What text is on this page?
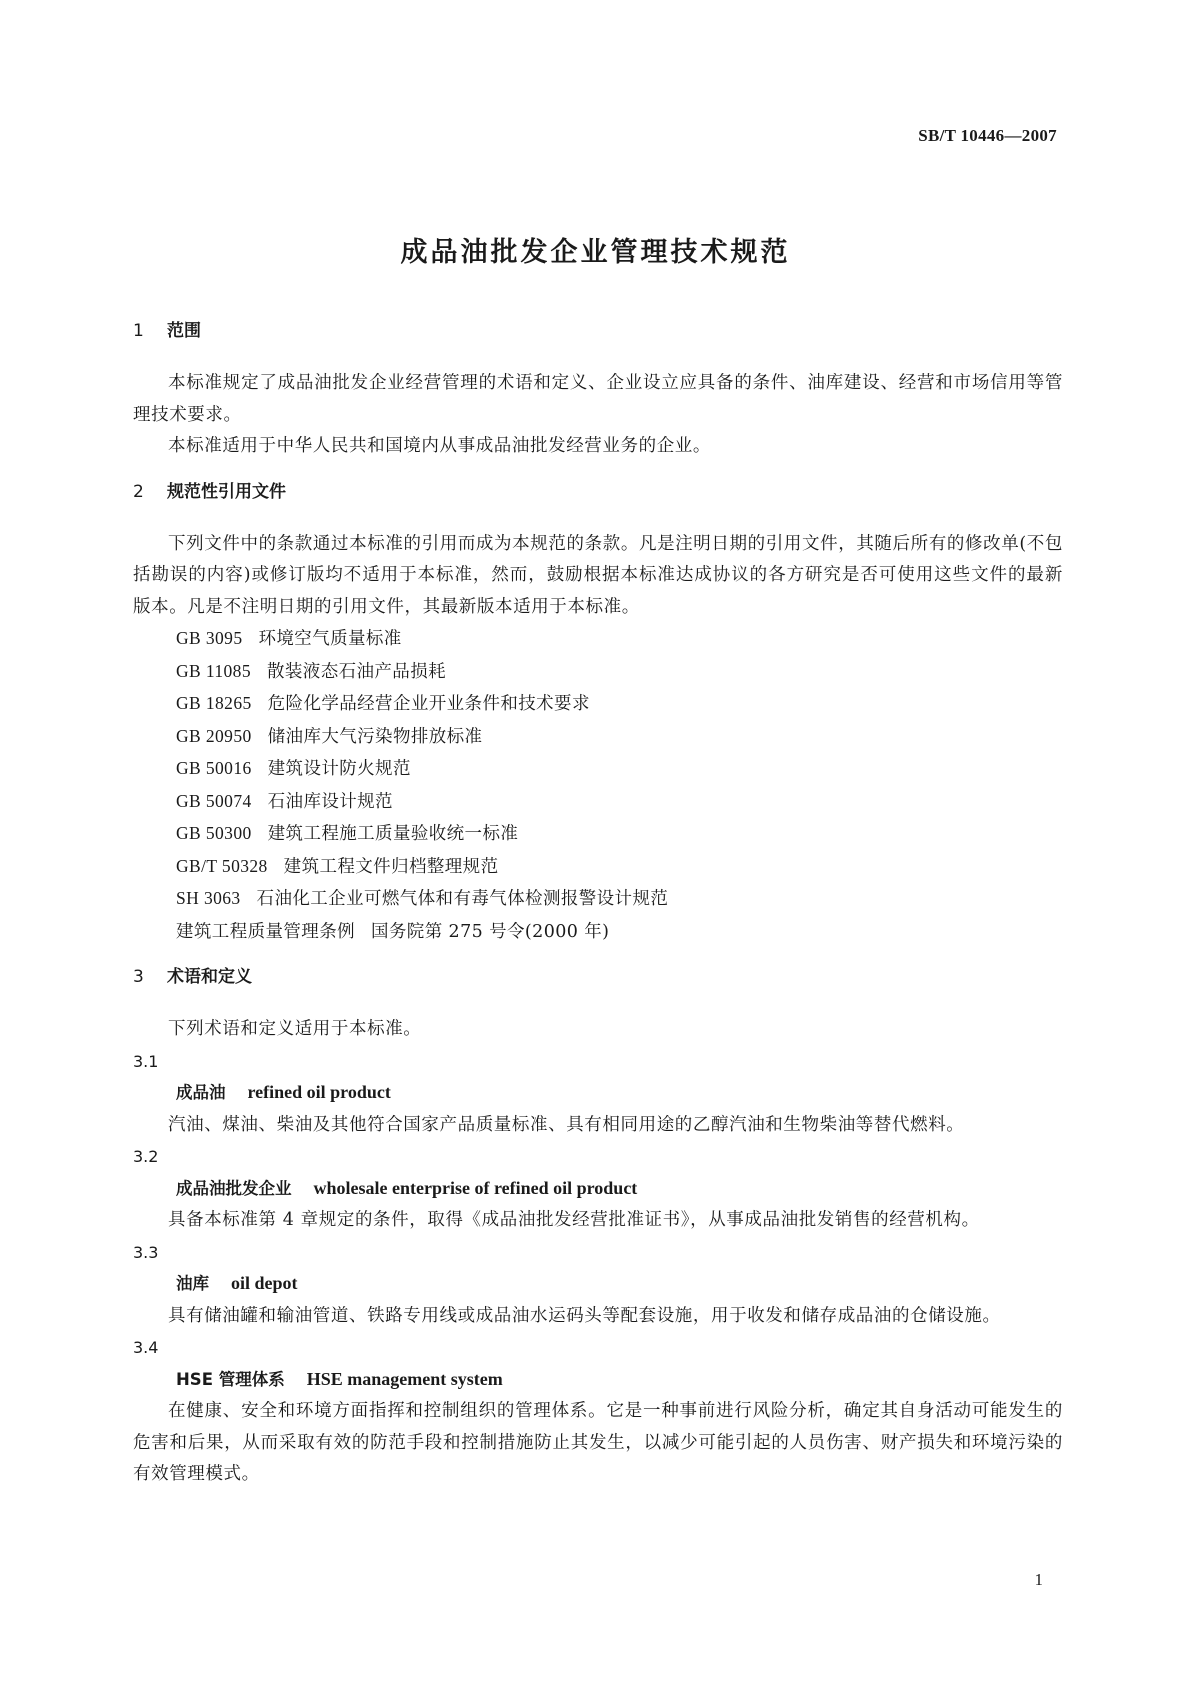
SB/T 10446—2007
成品油批发企业管理技术规范
1 范围

本标准规定了成品油批发企业经营管理的术语和定义、企业设立应具备的条件、油库建设、经营和市场信用等管理技术要求。

本标准适用于中华人民共和国境内从事成品油批发经营业务的企业。

2 规范性引用文件

下列文件中的条款通过本标准的引用而成为本规范的条款。凡是注明日期的引用文件，其随后所有的修改单(不包括勘误的内容)或修订版均不适用于本标准，然而，鼓励根据本标准达成协议的各方研究是否可使用这些文件的最新版本。凡是不注明日期的引用文件，其最新版本适用于本标准。

GB 3095 环境空气质量标准

GB 11085 散装液态石油产品损耗

GB 18265 危险化学品经营企业开业条件和技术要求

GB 20950 储油库大气污染物排放标准

GB 50016 建筑设计防火规范

GB 50074 石油库设计规范

GB 50300 建筑工程施工质量验收统一标准

GB/T 50328 建筑工程文件归档整理规范

SH 3063 石油化工企业可燃气体和有毒气体检测报警设计规范

建筑工程质量管理条例 国务院第 275 号令(2000 年)

3 术语和定义

下列术语和定义适用于本标准。

3.1

成品油 refined oil product

汽油、煤油、柴油及其他符合国家产品质量标准、具有相同用途的乙醇汽油和生物柴油等替代燃料。

3.2

成品油批发企业 wholesale enterprise of refined oil product

具备本标准第 4 章规定的条件，取得《成品油批发经营批准证书》，从事成品油批发销售的经营机构。

3.3

油库 oil depot

具有储油罐和输油管道、铁路专用线或成品油水运码头等配套设施，用于收发和储存成品油的仓储设施。

3.4

HSE 管理体系 HSE management system

在健康、安全和环境方面指挥和控制组织的管理体系。它是一种事前进行风险分析，确定其自身活动可能发生的危害和后果，从而采取有效的防范手段和控制措施防止其发生，以减少可能引起的人员伤害、财产损失和环境污染的有效管理模式。

1
